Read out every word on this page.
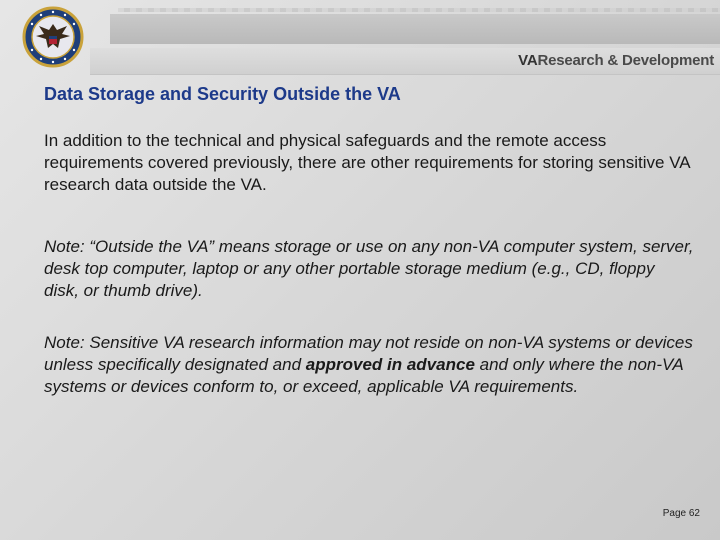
VAResearch & Development
Data Storage and Security Outside the VA

In addition to the technical and physical safeguards and the remote access requirements covered previously, there are other requirements for storing sensitive VA research data outside the VA.

Note: “Outside the VA” means storage or use on any non-VA computer system, server, desk top computer, laptop or any other portable storage medium (e.g., CD, floppy disk, or thumb drive).

Note: Sensitive VA research information may not reside on non-VA systems or devices unless specifically designated and approved in advance and only where the non-VA systems or devices conform to, or exceed, applicable VA requirements.

Page 62
